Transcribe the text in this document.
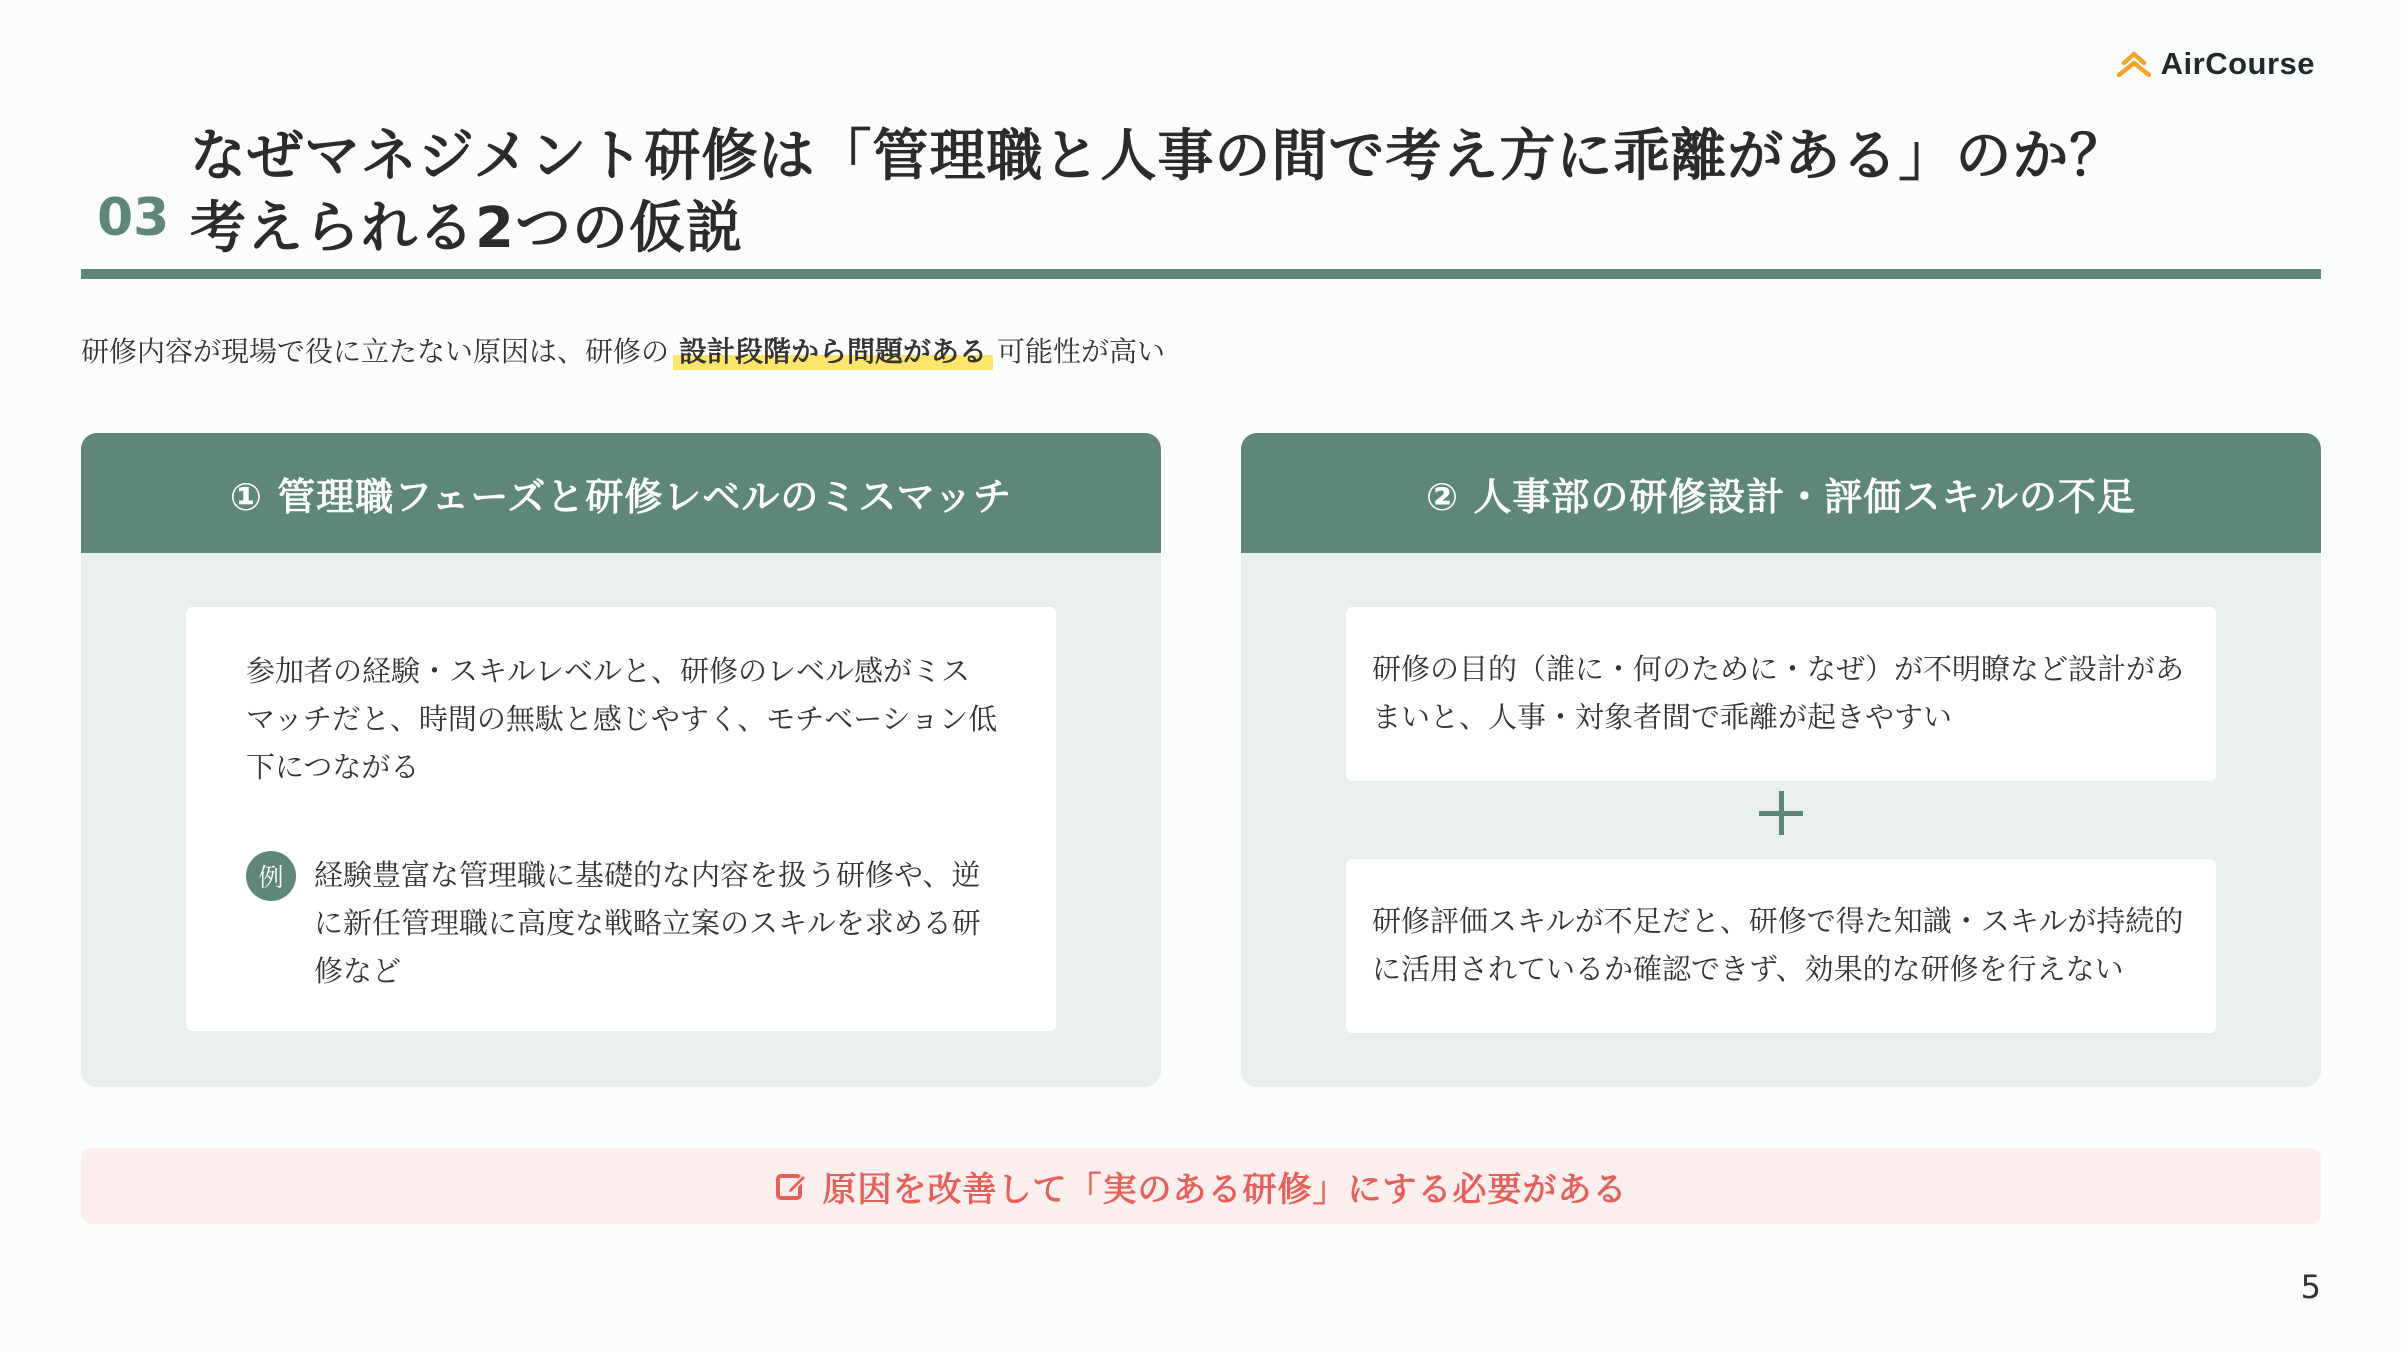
AirCourse
03
なぜマネジメント研修は「管理職と人事の間で考え方に乖離がある」のか？
考えられる2つの仮説
研修内容が現場で役に立たない原因は、研修の 設計段階から問題がある 可能性が高い
① 管理職フェーズと研修レベルのミスマッチ

参加者の経験・スキルレベルと、研修のレベル感がミスマッチだと、時間の無駄と感じやすく、モチベーション低下につながる

例	経験豊富な管理職に基礎的な内容を扱う研修や、逆に新任管理職に高度な戦略立案のスキルを求める研修など

② 人事部の研修設計・評価スキルの不足

研修の目的（誰に・何のために・なぜ）が不明瞭など設計があまいと、人事・対象者間で乖離が起きやすい

研修評価スキルが不足だと、研修で得た知識・スキルが持続的に活用されているか確認できず、効果的な研修を行えない

原因を改善して「実のある研修」にする必要がある
5
